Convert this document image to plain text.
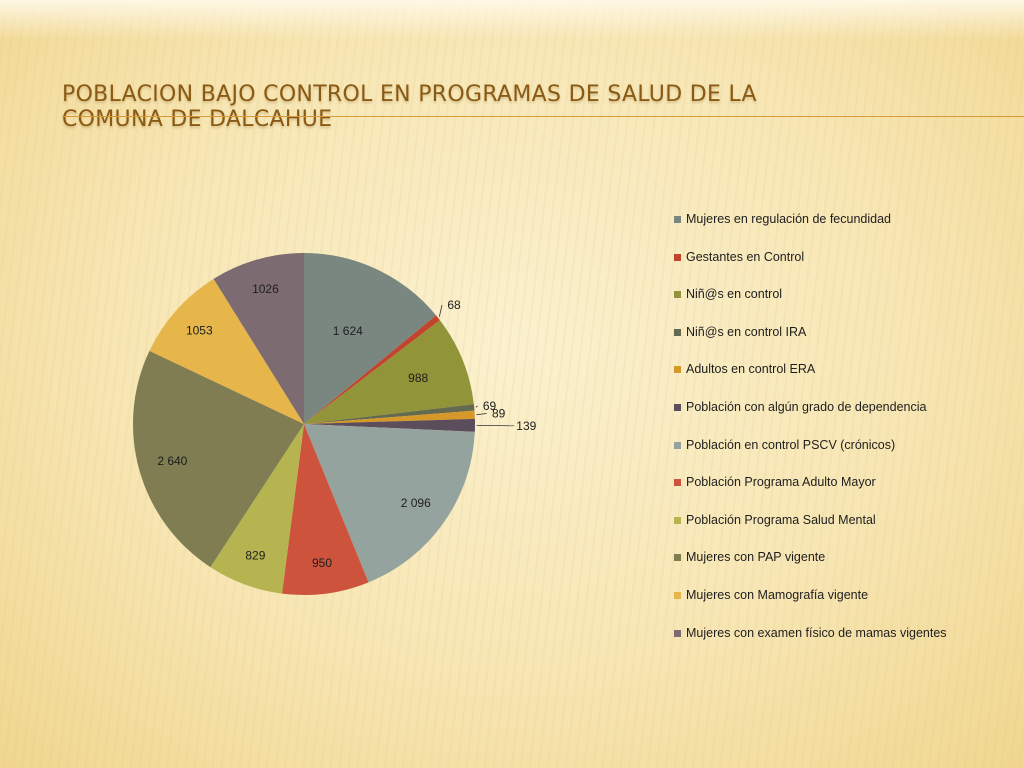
POBLACION BAJO CONTROL EN PROGRAMAS DE SALUD DE LA COMUNA DE DALCAHUE
1 624
68
988
69
89
139
2 096
950
829
2 640
1053
1026
Mujeres en regulación de fecundidad
Gestantes en Control
Niñ@s en control
Niñ@s en control IRA
Adultos en control ERA
Población con algún grado de dependencia
Población en control PSCV (crónicos)
Población Programa Adulto Mayor
Población Programa Salud Mental
Mujeres con PAP vigente
Mujeres con Mamografía vigente
Mujeres con examen físico de mamas vigentes
